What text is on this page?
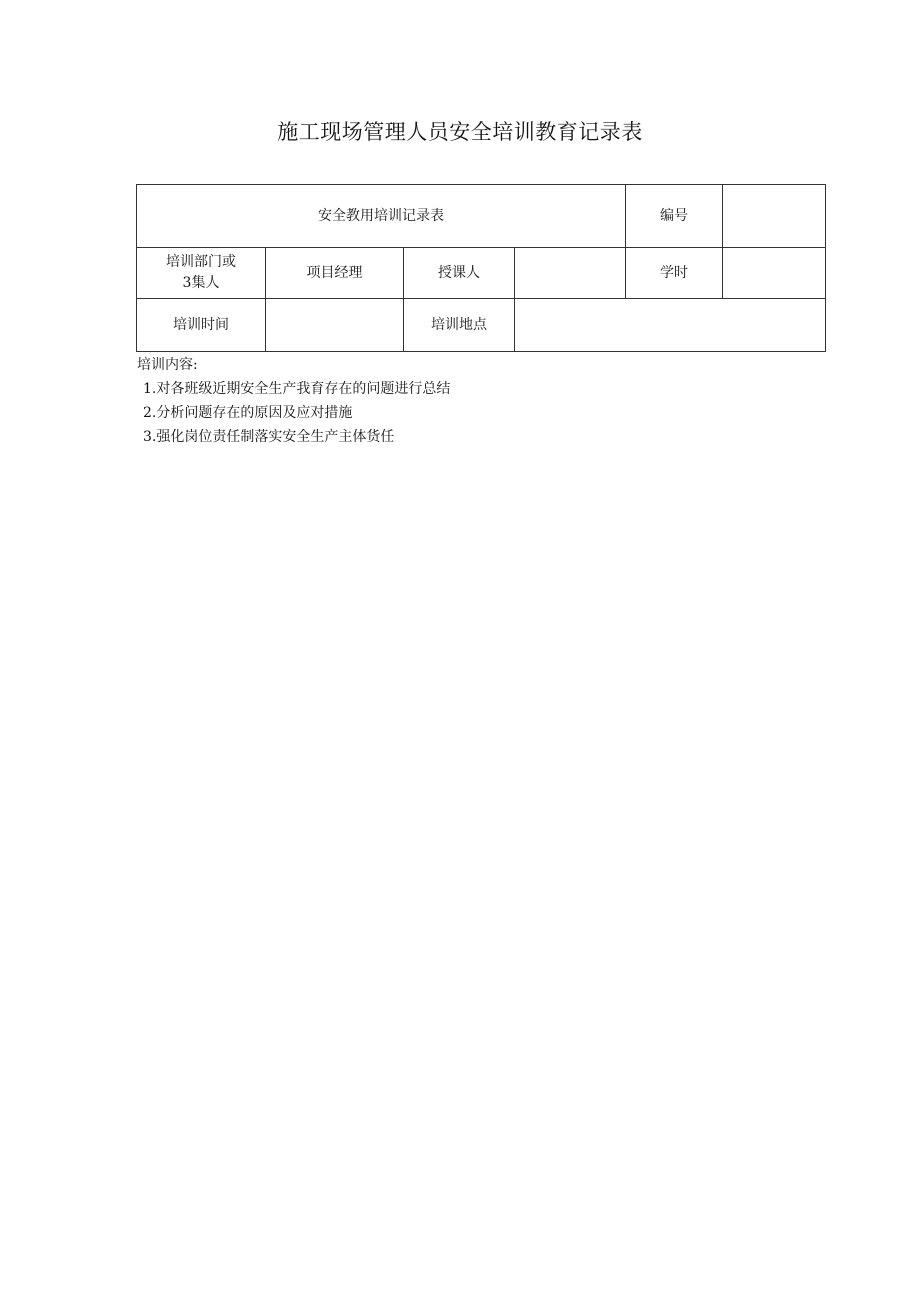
施工现场管理人员安全培训教育记录表
安全教用培训记录表				编号	
培训部门或
3集人	项目经理	授课人		学时	
培训时间		培训地点			
培训内容:
1.对各班级近期安全生产我育存在的问题进行总结
2.分析问题存在的原因及应对措施
3.强化岗位责任制落实安全生产主体货任
